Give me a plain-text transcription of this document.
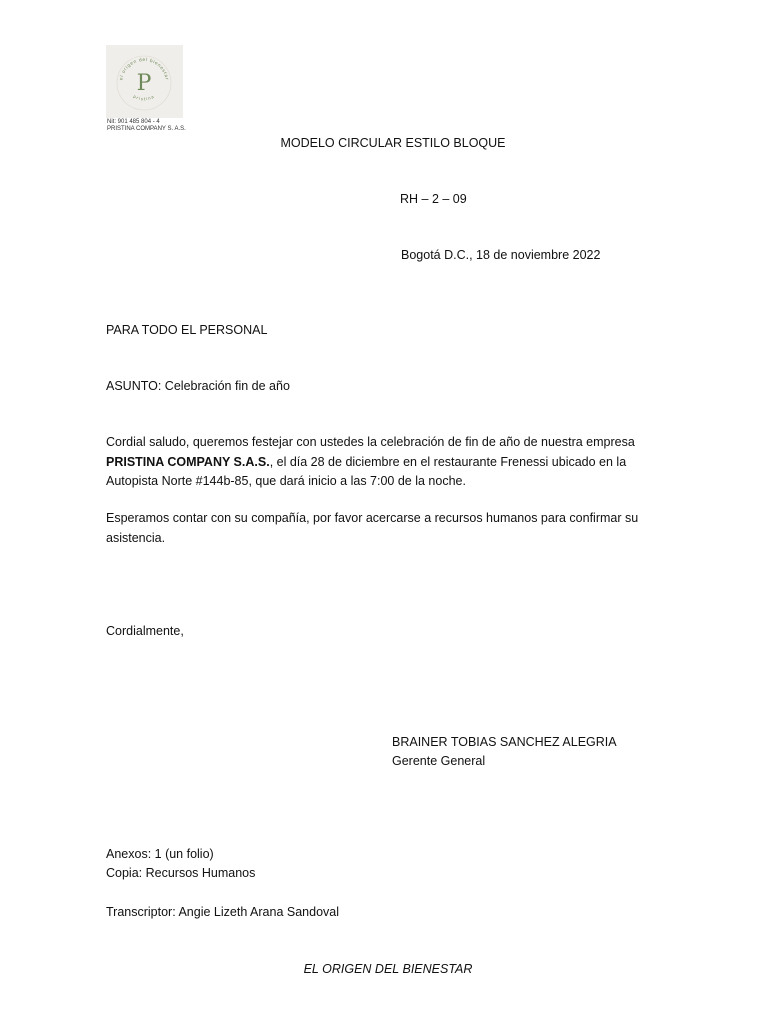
el origen del bienestar
pristina
P
Nit: 901 485 804 - 4
PRISTINA COMPANY S. A.S.
MODELO CIRCULAR ESTILO BLOQUE
RH – 2 – 09
Bogotá D.C., 18 de noviembre 2022
PARA TODO EL PERSONAL
ASUNTO: Celebración fin de año
Cordial saludo, queremos festejar con ustedes la celebración de fin de año de nuestra empresa PRISTINA COMPANY S.A.S., el día 28 de diciembre en el restaurante Frenessi ubicado en la Autopista Norte #144b-85, que dará inicio a las 7:00 de la noche.
Esperamos contar con su compañía, por favor acercarse a recursos humanos para confirmar su asistencia.
Cordialmente,
BRAINER TOBIAS SANCHEZ ALEGRIA
Gerente General
Anexos: 1 (un folio)
Copia: Recursos Humanos
Transcriptor: Angie Lizeth Arana Sandoval
EL ORIGEN DEL BIENESTAR
